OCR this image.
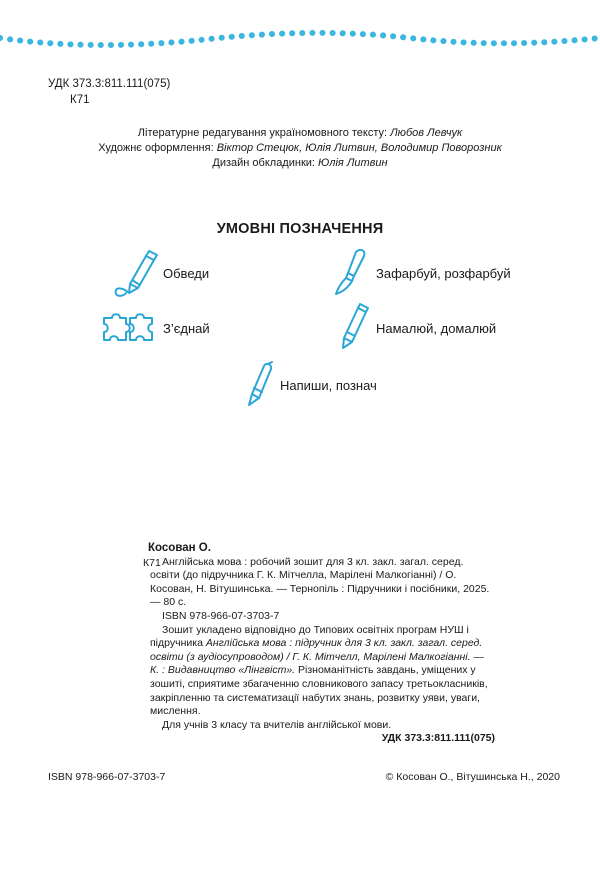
УДК 373.3:811.111(075)
К71
Літературне редагування україномовного тексту: Любов Левчук
Художнє оформлення: Віктор Стецюк, Юлія Литвин, Володимир Поворозник
Дизайн обкладинки: Юлія Литвин
УМОВНІ ПОЗНАЧЕННЯ
Обведи	Зафарбуй, розфарбуй
З’єднай	Намалюй, домалюй
Напиши, познач
К71

Косован О.

Англійська мова : робочий зошит для 3 кл. закл. загал. серед. освіти (до підручника Г. К. Мітчелла, Марілені Малкогіанні) / О. Косован, Н. Вітушинська. — Тернопіль : Підручники і посібники, 2025. — 80 с.

ISBN 978-966-07-3703-7

Зошит укладено відповідно до Типових освітніх програм НУШ і підручника Англійська мова : підручник для 3 кл. закл. загал. серед. освіти (з аудіосупроводом) / Г. К. Мітчелл, Марілені Малкогіанні. — К. : Видавництво «Лінгвіст». Різноманітність завдань, уміщених у зошиті, сприятиме збагаченню словникового запасу третьокласників, закріпленню та систематизації набутих знань, розвитку уяви, уваги, мислення.

Для учнів 3 класу та вчителів англійської мови.

УДК 373.3:811.111(075)

ISBN 978-966-07-3703-7	© Косован О., Вітушинська Н., 2020
